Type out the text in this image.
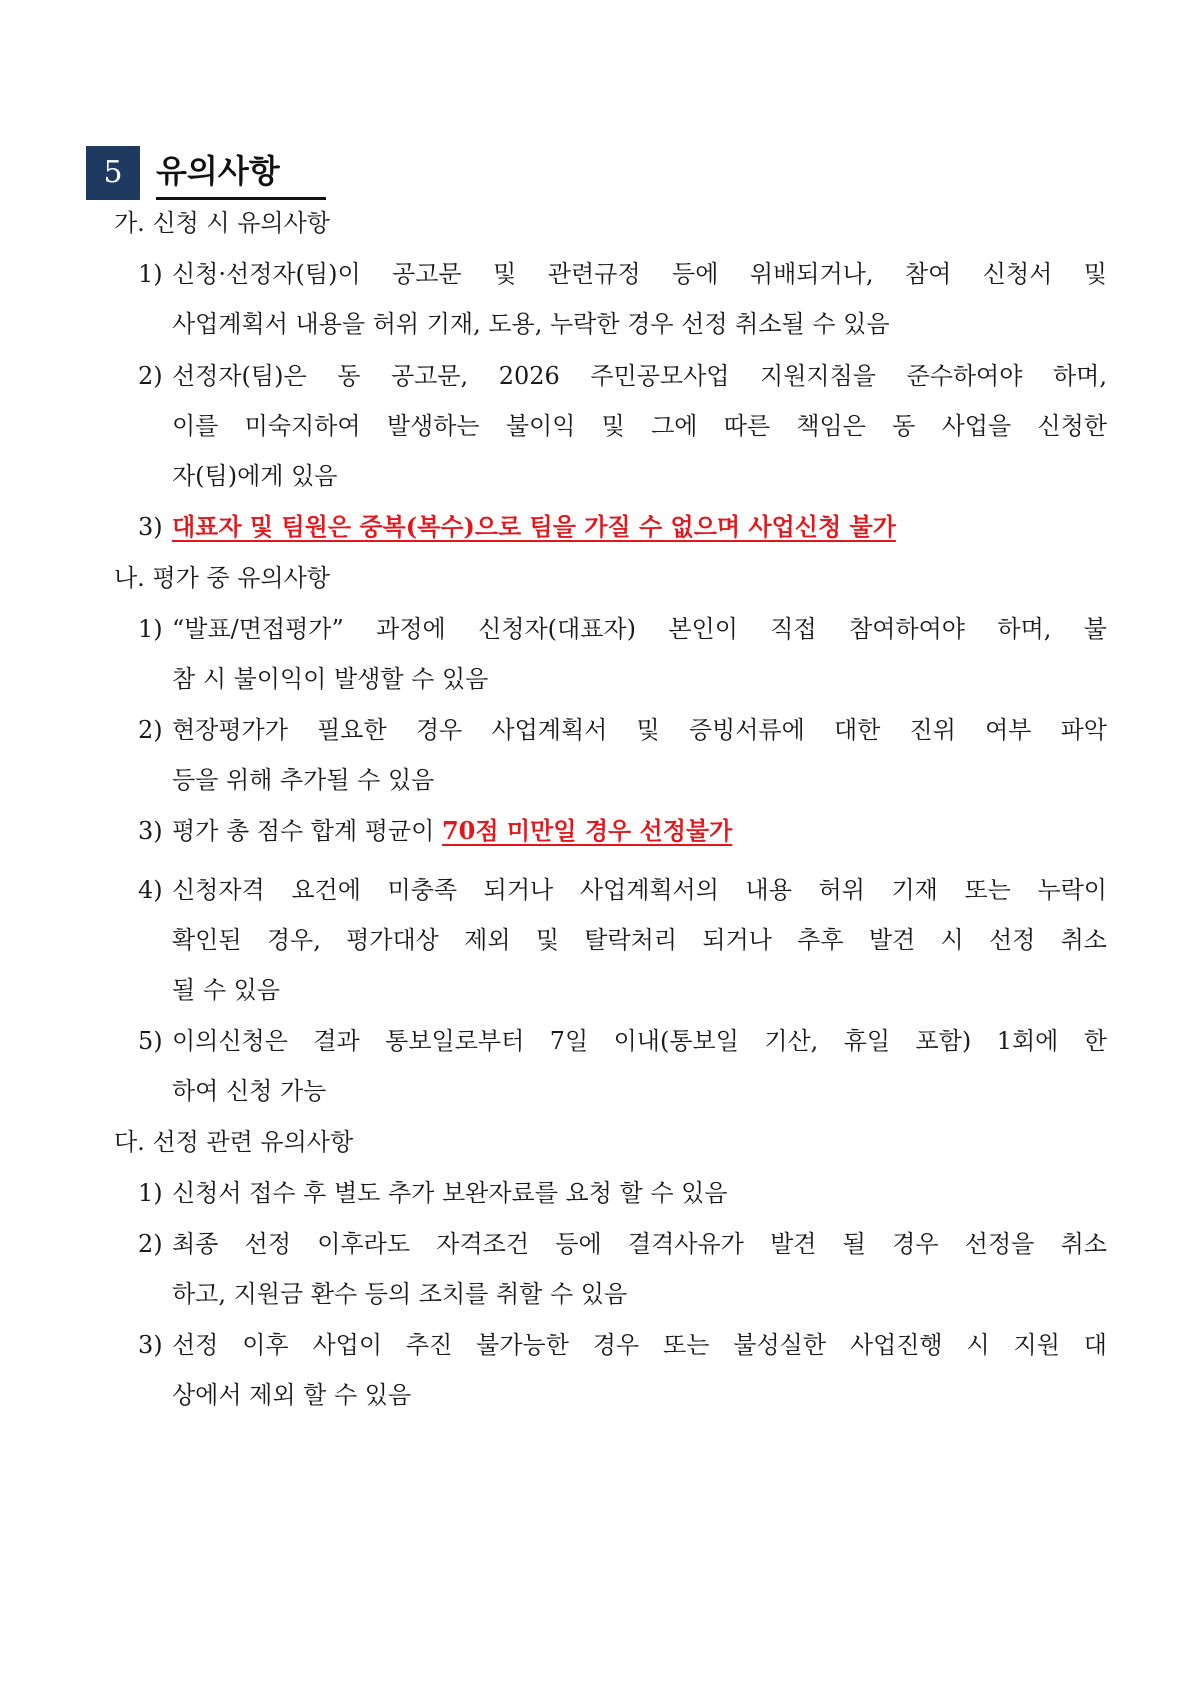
5	유의사항
가. 신청 시 유의사항
1) 신청·선정자(팀)이 공고문 및 관련규정 등에 위배되거나, 참여 신청서 및
사업계획서 내용을 허위 기재, 도용, 누락한 경우 선정 취소될 수 있음
2) 선정자(팀)은 동 공고문, 2026 주민공모사업 지원지침을 준수하여야 하며,
이를 미숙지하여 발생하는 불이익 및 그에 따른 책임은 동 사업을 신청한
자(팀)에게 있음
3) 대표자 및 팀원은 중복(복수)으로 팀을 가질 수 없으며 사업신청 불가
나. 평가 중 유의사항
1) “발표/면접평가” 과정에 신청자(대표자) 본인이 직접 참여하여야 하며, 불
참 시 불이익이 발생할 수 있음
2) 현장평가가 필요한 경우 사업계획서 및 증빙서류에 대한 진위 여부 파악
등을 위해 추가될 수 있음
3) 평가 총 점수 합계 평균이 70점 미만일 경우 선정불가
4) 신청자격 요건에 미충족 되거나 사업계획서의 내용 허위 기재 또는 누락이
확인된 경우, 평가대상 제외 및 탈락처리 되거나 추후 발견 시 선정 취소
될 수 있음
5) 이의신청은 결과 통보일로부터 7일 이내(통보일 기산, 휴일 포함) 1회에 한
하여 신청 가능
다. 선정 관련 유의사항
1) 신청서 접수 후 별도 추가 보완자료를 요청 할 수 있음
2) 최종 선정 이후라도 자격조건 등에 결격사유가 발견 될 경우 선정을 취소
하고, 지원금 환수 등의 조치를 취할 수 있음
3) 선정 이후 사업이 추진 불가능한 경우 또는 불성실한 사업진행 시 지원 대
상에서 제외 할 수 있음
